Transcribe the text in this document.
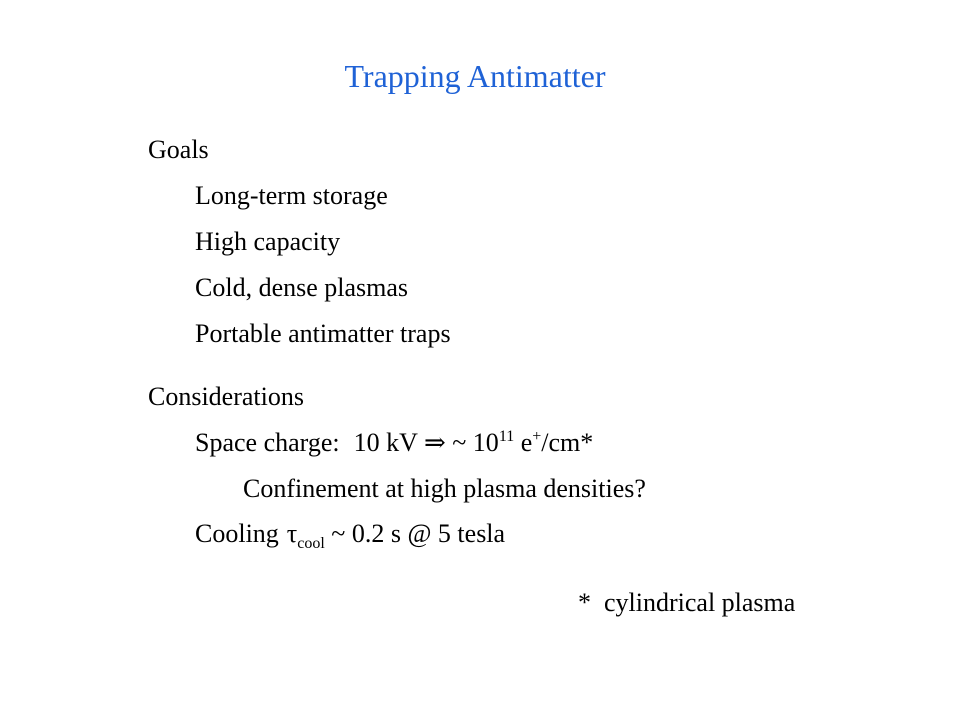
Trapping Antimatter
Goals
Long-term storage
High capacity
Cold, dense plasmas
Portable antimatter traps
Considerations
Space charge: 10 kV ⇒ ~ $10^{11}$ e+/cm*
Confinement at high plasma densities?
Cooling $\tau_{cool}$ ~ 0.2 s @ 5 tesla
*  cylindrical plasma
